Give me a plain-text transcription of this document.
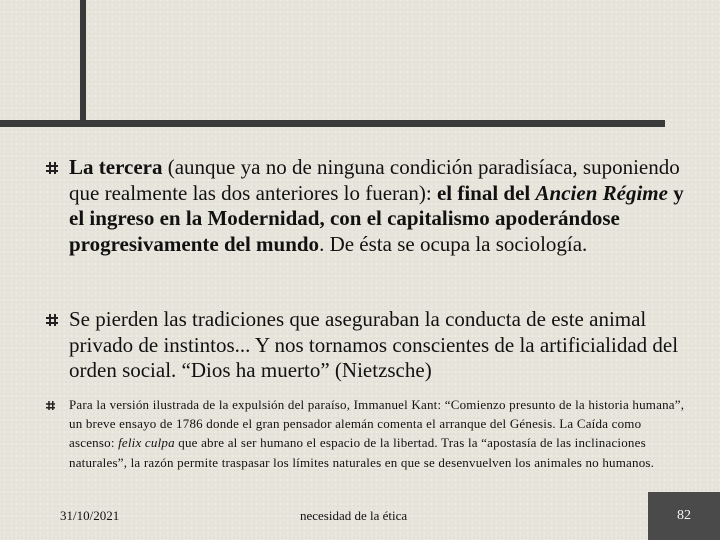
La tercera (aunque ya no de ninguna condición paradisíaca, suponiendo que realmente las dos anteriores lo fueran): el final del Ancien Régime y el ingreso en la Modernidad, con el capitalismo apoderándose progresivamente del mundo. De ésta se ocupa la sociología.
Se pierden las tradiciones que aseguraban la conducta de este animal privado de instintos... Y nos tornamos conscientes de la artificialidad del orden social. “Dios ha muerto” (Nietzsche)
Para la versión ilustrada de la expulsión del paraíso, Immanuel Kant: “Comienzo presunto de la historia humana”, un breve ensayo de 1786 donde el gran pensador alemán comenta el arranque del Génesis. La Caída como ascenso: felix culpa que abre al ser humano el espacio de la libertad. Tras la “apostasía de las inclinaciones naturales”, la razón permite traspasar los límites naturales en que se desenvuelven los animales no humanos.
31/10/2021	necesidad de la ética	82
